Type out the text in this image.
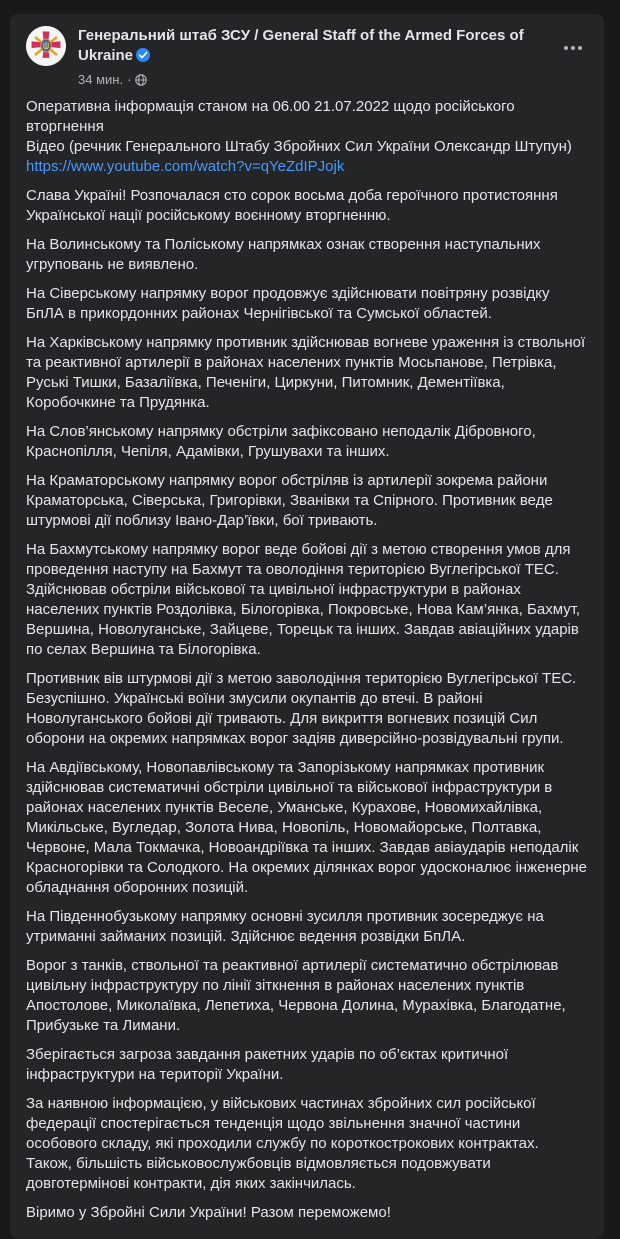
Генеральний штаб ЗСУ / General Staff of the Armed Forces of Ukraine
34 мин. ·
Оперативна інформація станом на 06.00 21.07.2022 щодо російського вторгнення
Відео (речник Генерального Штабу Збройних Сил України Олександр Штупун)
https://www.youtube.com/watch?v=qYeZdIPJojk

Слава Україні! Розпочалася сто сорок восьма доба героїчного протистояння Української нації російському воєнному вторгненню.

На Волинському та Поліському напрямках ознак створення наступальних угруповань не виявлено.

На Сіверському напрямку ворог продовжує здійснювати повітряну розвідку БпЛА в прикордонних районах Чернігівської та Сумської областей.

На Харківському напрямку противник здійснював вогневе ураження із ствольної та реактивної артилерії в районах населених пунктів Мосьпанове, Петрівка, Руські Тишки, Базаліївка, Печеніги, Циркуни, Питомник, Дементіївка, Коробочкине та Прудянка.

На Слов’янському напрямку обстріли зафіксовано неподалік Дібровного, Краснопілля, Чепіля, Адамівки, Грушувахи та інших.

На Краматорському напрямку ворог обстріляв із артилерії зокрема райони Краматорська, Сіверська, Григорівки, Званівки та Спірного. Противник веде штурмові дії поблизу Івано-Дар’ївки, бої тривають.

На Бахмутському напрямку ворог веде бойові дії з метою створення умов для проведення наступу на Бахмут та оволодіння територією Вуглегірської ТЕС. Здійснював обстріли військової та цивільної інфраструктури в районах населених пунктів Роздолівка, Білогорівка, Покровське, Нова Кам’янка, Бахмут, Вершина, Новолуганське, Зайцеве, Торецьк та інших. Завдав авіаційних ударів по селах Вершина та Білогорівка.

Противник вів штурмові дії з метою заволодіння територією Вуглегірської ТЕС. Безуспішно. Українські воїни змусили окупантів до втечі. В районі Новолуганського бойові дії тривають. Для викриття вогневих позицій Сил оборони на окремих напрямках ворог задіяв диверсійно-розвідувальні групи.

На Авдіївському, Новопавлівському та Запорізькому напрямках противник здійснював систематичні обстріли цивільної та військової інфраструктури в районах населених пунктів Веселе, Уманське, Курахове, Новомихайлівка, Микільське, Вугледар, Золота Нива, Новопіль, Новомайорське, Полтавка, Червоне, Мала Токмачка, Новоандріївка та інших. Завдав авіаударів неподалік Красногорівки та Солодкого. На окремих ділянках ворог удосконалює інженерне обладнання оборонних позицій.

На Південнобузькому напрямку основні зусилля противник зосереджує на утриманні займаних позицій. Здійснює ведення розвідки БпЛА.

Ворог з танків, ствольної та реактивної артилерії систематично обстрілював цивільну інфраструктуру по лінії зіткнення в районах населених пунктів Апостолове, Миколаївка, Лепетиха, Червона Долина, Мурахівка, Благодатне, Прибузьке та Лимани.

Зберігається загроза завдання ракетних ударів по об’єктах критичної інфраструктури на території України.

За наявною інформацією, у військових частинах збройних сил російської федерації спостерігається тенденція щодо звільнення значної частини особового складу, які проходили службу по короткострокових контрактах. Також, більшість військовослужбовців відмовляється подовжувати довготермінові контракти, дія яких закінчилась.

Віримо у Збройні Сили України! Разом переможемо!
